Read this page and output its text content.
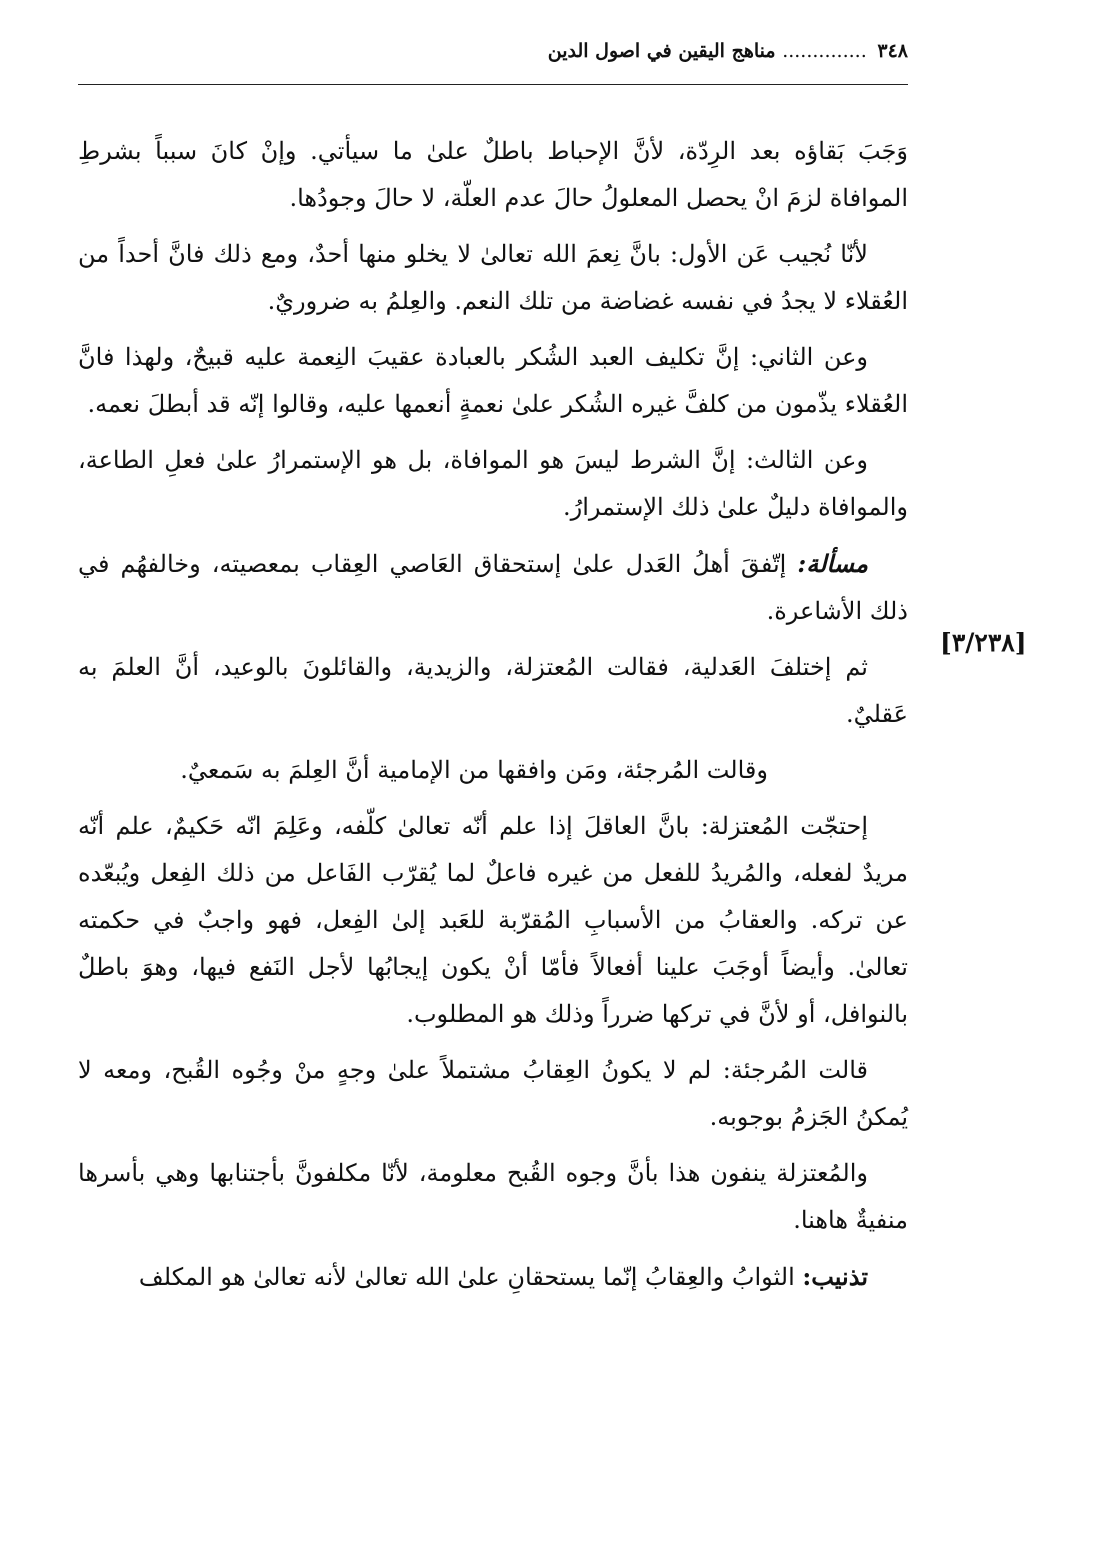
٣٤٨ .............. مناهج اليقين في اصول الدين
[٣/٢٣٨]

وَجَبَ بَقاؤه بعد الرِدّة، لأنَّ الإحباط باطلٌ علىٰ ما سيأتي. وإنْ كانَ سبباً بشرطِ الموافاة لزمَ انْ يحصل المعلولُ حالَ عدم العلّة، لا حالَ وجودُها.

لأنّا نُجيب عَن الأول: بانَّ نِعمَ الله تعالىٰ لا يخلو منها أحدٌ، ومع ذلك فانَّ أحداً من العُقلاء لا يجدُ في نفسه غضاضة من تلك النعم. والعِلمُ به ضروريٌ.

وعن الثاني: إنَّ تكليف العبد الشُكر بالعبادة عقيبَ النِعمة عليه قبيحٌ، ولهذا فانَّ العُقلاء يذّمون من كلفَّ غيره الشُكر علىٰ نعمةٍ أنعمها عليه، وقالوا إنّه قد أبطلَ نعمه.

وعن الثالث: إنَّ الشرط ليسَ هو الموافاة، بل هو الإستمرارُ علىٰ فعلِ الطاعة، والموافاة دليلٌ علىٰ ذلك الإستمرارُ.

مسألة: إتّفقَ أهلُ العَدل علىٰ إستحقاق العَاصي العِقاب بمعصيته، وخالفهُم في ذلك الأشاعرة.

ثم إختلفَ العَدلية، فقالت المُعتزلة، والزيدية، والقائلونَ بالوعيد، أنَّ العلمَ به عَقليٌ.

وقالت المُرجئة، ومَن وافقها من الإمامية أنَّ العِلمَ به سَمعيٌ.

إحتجّت المُعتزلة: بانَّ العاقلَ إذا علم أنّه تعالىٰ كلّفه، وعَلِمَ انّه حَكيمٌ، علم أنّه مريدٌ لفعله، والمُريدُ للفعل من غيره فاعلٌ لما يُقرّب الفَاعل من ذلك الفِعل ويُبعّده عن تركه. والعقابُ من الأسبابِ المُقرّبة للعَبد إلىٰ الفِعل، فهو واجبٌ في حكمته تعالىٰ. وأيضاً أوجَبَ علينا أفعالاً فأمّا أنْ يكون إيجابُها لأجل النَفع فيها، وهوَ باطلٌ بالنوافل، أو لأنَّ في تركها ضرراً وذلك هو المطلوب.

قالت المُرجئة: لم لا يكونُ العِقابُ مشتملاً علىٰ وجهٍ منْ وجُوه القُبح، ومعه لا يُمكنُ الجَزمُ بوجوبه.

والمُعتزلة ينفون هذا بأنَّ وجوه القُبح معلومة، لأنّا مكلفونَّ بأجتنابها وهي بأسرها منفيةٌ هاهنا.

تذنيب: الثوابُ والعِقابُ إنّما يستحقانِ علىٰ الله تعالىٰ لأنه تعالىٰ هو المكلف
